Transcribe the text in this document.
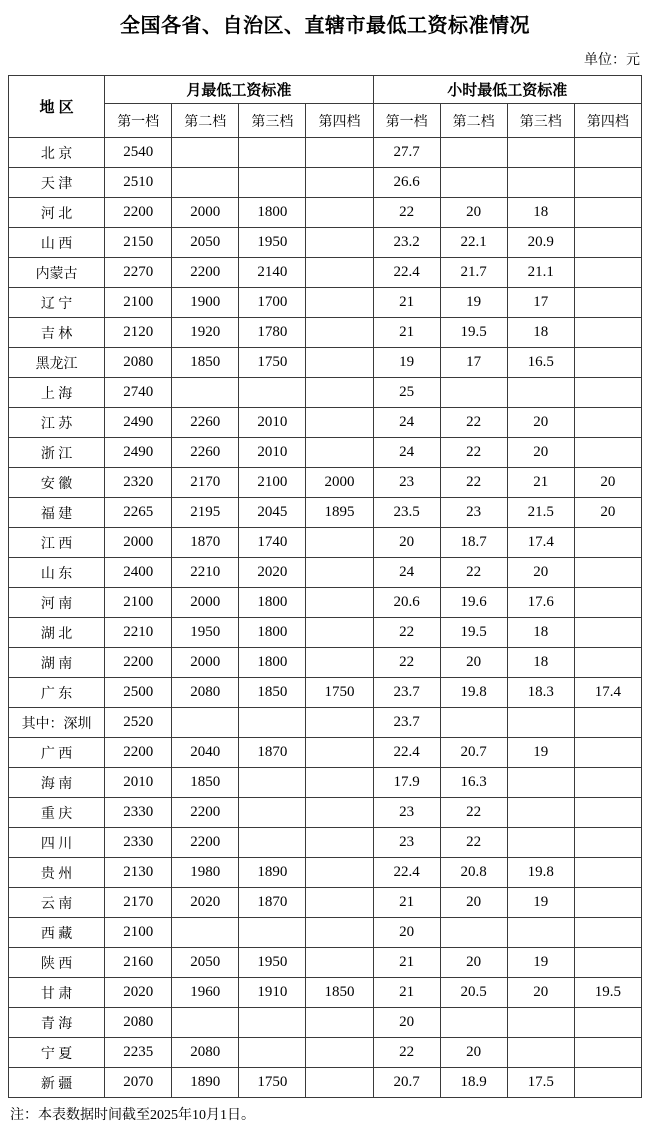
全国各省、自治区、直辖市最低工资标准情况
单位：元
地 区	月最低工资标准				小时最低工资标准			
	第一档	第二档	第三档	第四档	第一档	第二档	第三档	第四档
北 京	2540				27.7			
天 津	2510				26.6			
河 北	2200	2000	1800		22	20	18	
山 西	2150	2050	1950		23.2	22.1	20.9	
内蒙古	2270	2200	2140		22.4	21.7	21.1	
辽 宁	2100	1900	1700		21	19	17	
吉 林	2120	1920	1780		21	19.5	18	
黑龙江	2080	1850	1750		19	17	16.5	
上 海	2740				25			
江 苏	2490	2260	2010		24	22	20	
浙 江	2490	2260	2010		24	22	20	
安 徽	2320	2170	2100	2000	23	22	21	20
福 建	2265	2195	2045	1895	23.5	23	21.5	20
江 西	2000	1870	1740		20	18.7	17.4	
山 东	2400	2210	2020		24	22	20	
河 南	2100	2000	1800		20.6	19.6	17.6	
湖 北	2210	1950	1800		22	19.5	18	
湖 南	2200	2000	1800		22	20	18	
广 东	2500	2080	1850	1750	23.7	19.8	18.3	17.4
其中：深圳	2520				23.7			
广 西	2200	2040	1870		22.4	20.7	19	
海 南	2010	1850			17.9	16.3		
重 庆	2330	2200			23	22		
四 川	2330	2200			23	22		
贵 州	2130	1980	1890		22.4	20.8	19.8	
云 南	2170	2020	1870		21	20	19	
西 藏	2100				20			
陕 西	2160	2050	1950		21	20	19	
甘 肃	2020	1960	1910	1850	21	20.5	20	19.5
青 海	2080				20			
宁 夏	2235	2080			22	20		
新 疆	2070	1890	1750		20.7	18.9	17.5	
注：本表数据时间截至2025年10月1日。
